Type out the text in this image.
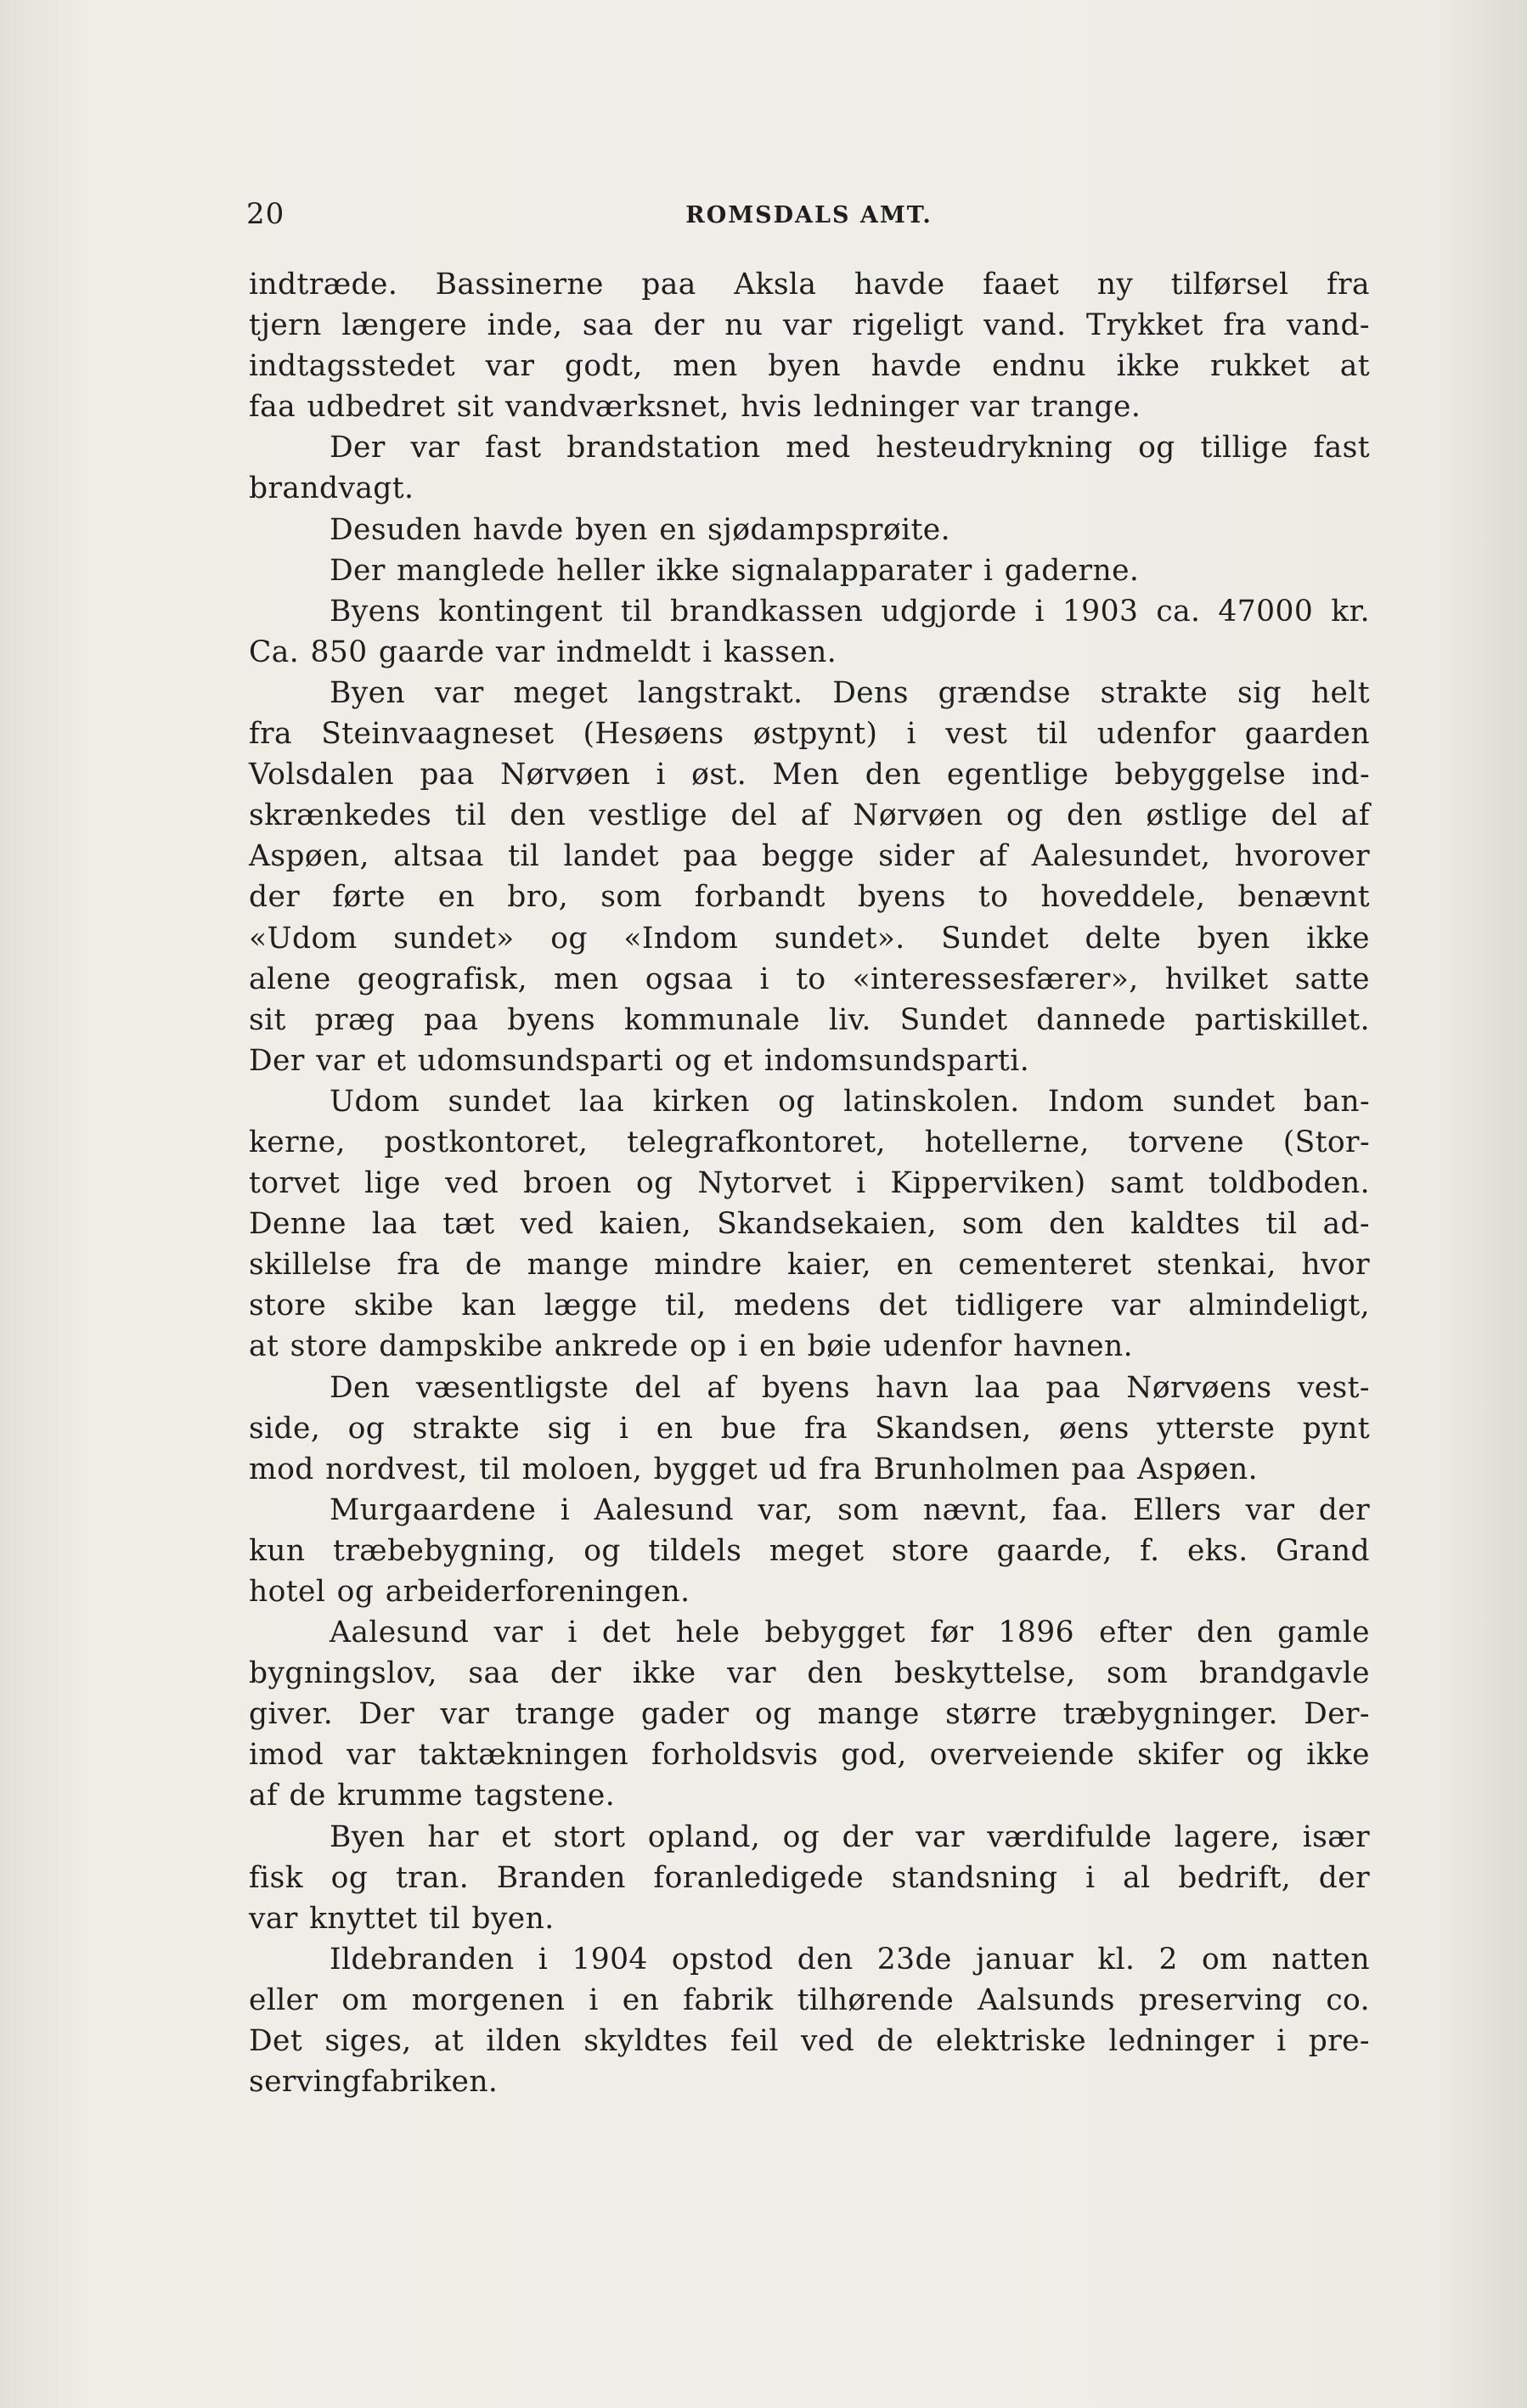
20	ROMSDALS AMT.
indtræde. Bassinerne paa Aksla havde faaet ny tilførsel fra
tjern længere inde, saa der nu var rigeligt vand. Trykket fra vand-
indtagsstedet var godt, men byen havde endnu ikke rukket at
faa udbedret sit vandværksnet, hvis ledninger var trange.
Der var fast brandstation med hesteudrykning og tillige fast
brandvagt.
Desuden havde byen en sjødampsprøite.
Der manglede heller ikke signalapparater i gaderne.
Byens kontingent til brandkassen udgjorde i 1903 ca. 47000 kr.
Ca. 850 gaarde var indmeldt i kassen.
Byen var meget langstrakt. Dens grændse strakte sig helt
fra Steinvaagneset (Hesøens østpynt) i vest til udenfor gaarden
Volsdalen paa Nørvøen i øst. Men den egentlige bebyggelse ind-
skrænkedes til den vestlige del af Nørvøen og den østlige del af
Aspøen, altsaa til landet paa begge sider af Aalesundet, hvorover
der førte en bro, som forbandt byens to hoveddele, benævnt
«Udom sundet» og «Indom sundet». Sundet delte byen ikke
alene geografisk, men ogsaa i to «interessesfærer», hvilket satte
sit præg paa byens kommunale liv. Sundet dannede partiskillet.
Der var et udomsundsparti og et indomsundsparti.
Udom sundet laa kirken og latinskolen. Indom sundet ban-
kerne, postkontoret, telegrafkontoret, hotellerne, torvene (Stor-
torvet lige ved broen og Nytorvet i Kipperviken) samt toldboden.
Denne laa tæt ved kaien, Skandsekaien, som den kaldtes til ad-
skillelse fra de mange mindre kaier, en cementeret stenkai, hvor
store skibe kan lægge til, medens det tidligere var almindeligt,
at store dampskibe ankrede op i en bøie udenfor havnen.
Den væsentligste del af byens havn laa paa Nørvøens vest-
side, og strakte sig i en bue fra Skandsen, øens ytterste pynt
mod nordvest, til moloen, bygget ud fra Brunholmen paa Aspøen.
Murgaardene i Aalesund var, som nævnt, faa. Ellers var der
kun træbebygning, og tildels meget store gaarde, f. eks. Grand
hotel og arbeiderforeningen.
Aalesund var i det hele bebygget før 1896 efter den gamle
bygningslov, saa der ikke var den beskyttelse, som brandgavle
giver. Der var trange gader og mange større træbygninger. Der-
imod var taktækningen forholdsvis god, overveiende skifer og ikke
af de krumme tagstene.
Byen har et stort opland, og der var værdifulde lagere, især
fisk og tran. Branden foranledigede standsning i al bedrift, der
var knyttet til byen.
Ildebranden i 1904 opstod den 23de januar kl. 2 om natten
eller om morgenen i en fabrik tilhørende Aalsunds preserving co.
Det siges, at ilden skyldtes feil ved de elektriske ledninger i pre-
servingfabriken.
